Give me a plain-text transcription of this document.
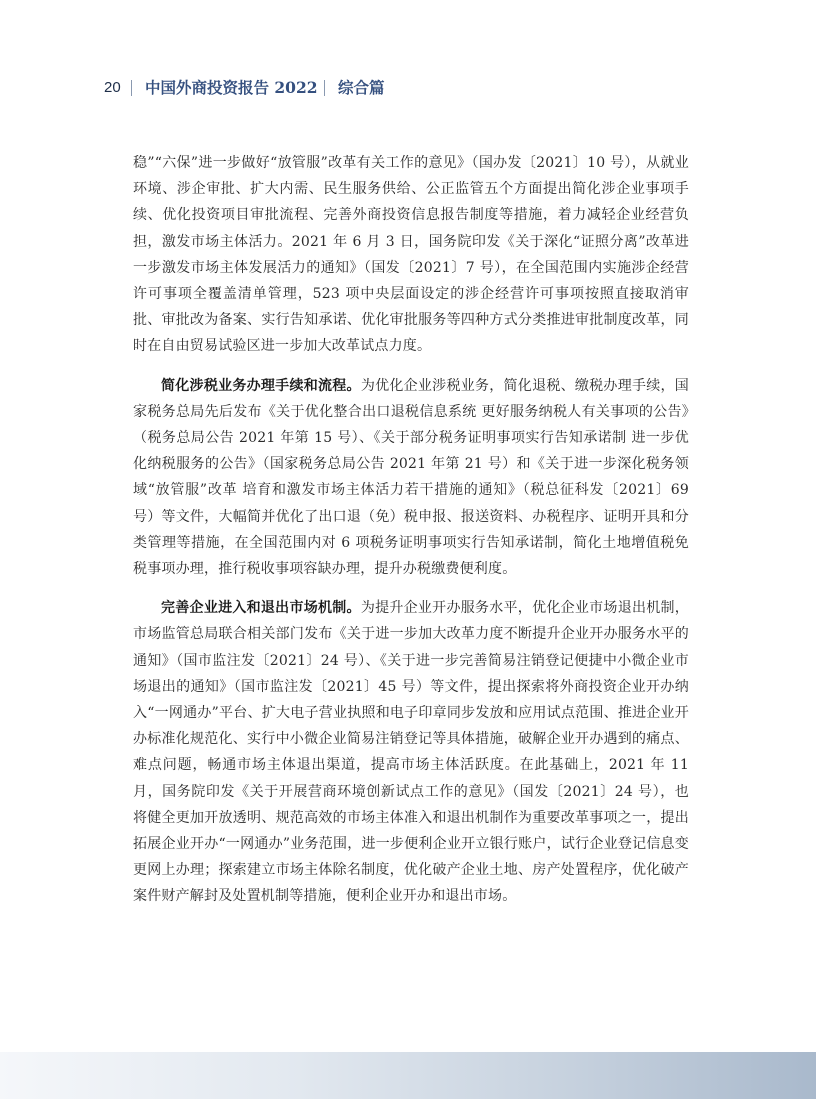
20 中国外商投资报告 2022 综合篇

稳”“六保”进一步做好“放管服”改革有关工作的意见》（国办发〔2021〕10 号），从就业环境、涉企审批、扩大内需、民生服务供给、公正监管五个方面提出简化涉企业事项手续、优化投资项目审批流程、完善外商投资信息报告制度等措施，着力减轻企业经营负担，激发市场主体活力。2021 年 6 月 3 日，国务院印发《关于深化“证照分离”改革进一步激发市场主体发展活力的通知》（国发〔2021〕7 号），在全国范围内实施涉企经营许可事项全覆盖清单管理，523 项中央层面设定的涉企经营许可事项按照直接取消审批、审批改为备案、实行告知承诺、优化审批服务等四种方式分类推进审批制度改革，同时在自由贸易试验区进一步加大改革试点力度。

简化涉税业务办理手续和流程。为优化企业涉税业务，简化退税、缴税办理手续，国家税务总局先后发布《关于优化整合出口退税信息系统 更好服务纳税人有关事项的公告》（税务总局公告 2021 年第 15 号）、《关于部分税务证明事项实行告知承诺制 进一步优化纳税服务的公告》（国家税务总局公告 2021 年第 21 号）和《关于进一步深化税务领域“放管服”改革 培育和激发市场主体活力若干措施的通知》（税总征科发〔2021〕69 号）等文件，大幅简并优化了出口退（免）税申报、报送资料、办税程序、证明开具和分类管理等措施，在全国范围内对 6 项税务证明事项实行告知承诺制，简化土地增值税免税事项办理，推行税收事项容缺办理，提升办税缴费便利度。

完善企业进入和退出市场机制。为提升企业开办服务水平，优化企业市场退出机制，市场监管总局联合相关部门发布《关于进一步加大改革力度不断提升企业开办服务水平的通知》（国市监注发〔2021〕24 号）、《关于进一步完善简易注销登记便捷中小微企业市场退出的通知》（国市监注发〔2021〕45 号）等文件，提出探索将外商投资企业开办纳入“一网通办”平台、扩大电子营业执照和电子印章同步发放和应用试点范围、推进企业开办标准化规范化、实行中小微企业简易注销登记等具体措施，破解企业开办遇到的痛点、难点问题，畅通市场主体退出渠道，提高市场主体活跃度。在此基础上，2021 年 11 月，国务院印发《关于开展营商环境创新试点工作的意见》（国发〔2021〕24 号），也将健全更加开放透明、规范高效的市场主体准入和退出机制作为重要改革事项之一，提出拓展企业开办“一网通办”业务范围，进一步便利企业开立银行账户，试行企业登记信息变更网上办理；探索建立市场主体除名制度，优化破产企业土地、房产处置程序，优化破产案件财产解封及处置机制等措施，便利企业开办和退出市场。
